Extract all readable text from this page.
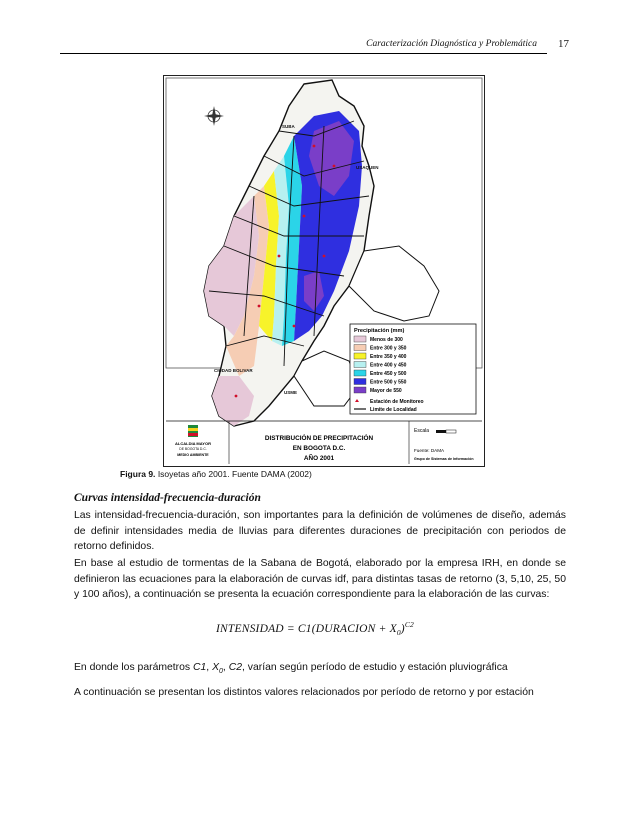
Caracterización Diagnóstica y Problemática 17
SUBA
USAQUEN
CIUDAD BOLIVAR
USME
Precipitación (mm)
Menos de 300
Entre 300 y 350
Entre 350 y 400
Entre 400 y 450
Entre 450 y 500
Entre 500 y 550
Mayor de 550
Estación de Monitoreo
Limite de Localidad
ALCALDIA MAYOR
DE BOGOTA D.C.
MEDIO AMBIENTE
DISTRIBUCIÓN DE PRECIPITACIÓN
EN BOGOTA D.C.
AÑO 2001
Escala
Fuente: DAMA
Grupo de Sistemas de Información
Figura 9. Isoyetas año 2001. Fuente DAMA (2002)
Curvas intensidad-frecuencia-duración
Las intensidad-frecuencia-duración, son importantes para la definición de volúmenes de diseño, además de definir intensidades media de lluvias para diferentes duraciones de precipitación con periodos de retorno definidos.
En base al estudio de tormentas de la Sabana de Bogotá, elaborado por la empresa IRH, en donde se definieron las ecuaciones para la elaboración de curvas idf, para distintas tasas de retorno (3, 5,10, 25, 50 y 100 años), a continuación se presenta la ecuación correspondiente para la elaboración de las curvas:
INTENSIDAD = C1(DURACION + $X_0)^{C2}$
En donde los parámetros C1, $X_0$, C2, varían según período de estudio y estación pluviográfica
A continuación se presentan los distintos valores relacionados por período de retorno y por estación
